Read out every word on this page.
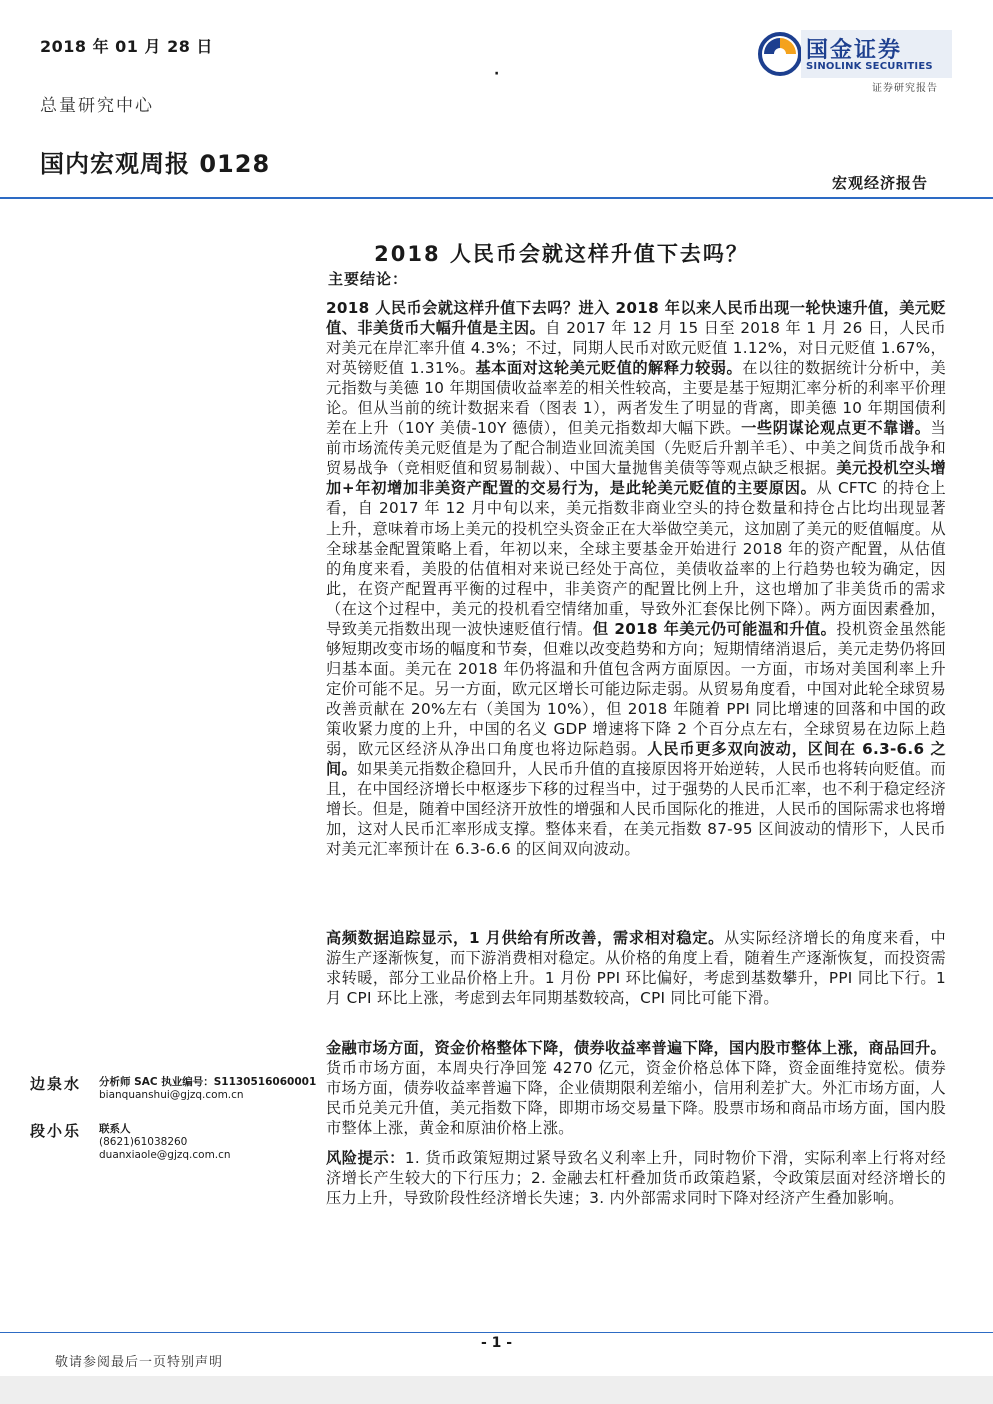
2018 年 01 月 28 日
·
总量研究中心
国内宏观周报 0128
国金证券
SINOLINK SECURITIES
证券研究报告
宏观经济报告
2018 人民币会就这样升值下去吗？
主要结论：
2018 人民币会就这样升值下去吗？进入 2018 年以来人民币出现一轮快速升值，美元贬值、非美货币大幅升值是主因。自 2017 年 12 月 15 日至 2018 年 1 月 26 日，人民币对美元在岸汇率升值 4.3%；不过，同期人民币对欧元贬值 1.12%，对日元贬值 1.67%，对英镑贬值 1.31%。基本面对这轮美元贬值的解释力较弱。在以往的数据统计分析中，美元指数与美德 10 年期国债收益率差的相关性较高，主要是基于短期汇率分析的利率平价理论。但从当前的统计数据来看（图表 1），两者发生了明显的背离，即美德 10 年期国债利差在上升（10Y 美债-10Y 德债），但美元指数却大幅下跌。一些阴谋论观点更不靠谱。当前市场流传美元贬值是为了配合制造业回流美国（先贬后升割羊毛）、中美之间货币战争和贸易战争（竞相贬值和贸易制裁）、中国大量抛售美债等等观点缺乏根据。美元投机空头增加+年初增加非美资产配置的交易行为，是此轮美元贬值的主要原因。从 CFTC 的持仓上看，自 2017 年 12 月中旬以来，美元指数非商业空头的持仓数量和持仓占比均出现显著上升，意味着市场上美元的投机空头资金正在大举做空美元，这加剧了美元的贬值幅度。从全球基金配置策略上看，年初以来，全球主要基金开始进行 2018 年的资产配置，从估值的角度来看，美股的估值相对来说已经处于高位，美债收益率的上行趋势也较为确定，因此，在资产配置再平衡的过程中，非美资产的配置比例上升，这也增加了非美货币的需求（在这个过程中，美元的投机看空情绪加重，导致外汇套保比例下降）。两方面因素叠加，导致美元指数出现一波快速贬值行情。但 2018 年美元仍可能温和升值。投机资金虽然能够短期改变市场的幅度和节奏，但难以改变趋势和方向；短期情绪消退后，美元走势仍将回归基本面。美元在 2018 年仍将温和升值包含两方面原因。一方面，市场对美国利率上升定价可能不足。另一方面，欧元区增长可能边际走弱。从贸易角度看，中国对此轮全球贸易改善贡献在 20%左右（美国为 10%），但 2018 年随着 PPI 同比增速的回落和中国的政策收紧力度的上升，中国的名义 GDP 增速将下降 2 个百分点左右，全球贸易在边际上趋弱，欧元区经济从净出口角度也将边际趋弱。人民币更多双向波动，区间在 6.3-6.6 之间。如果美元指数企稳回升，人民币升值的直接原因将开始逆转，人民币也将转向贬值。而且，在中国经济增长中枢逐步下移的过程当中，过于强势的人民币汇率，也不利于稳定经济增长。但是，随着中国经济开放性的增强和人民币国际化的推进，人民币的国际需求也将增加，这对人民币汇率形成支撑。整体来看，在美元指数 87-95 区间波动的情形下，人民币对美元汇率预计在 6.3-6.6 的区间双向波动。
高频数据追踪显示，1 月供给有所改善，需求相对稳定。从实际经济增长的角度来看，中游生产逐渐恢复，而下游消费相对稳定。从价格的角度上看，随着生产逐渐恢复，而投资需求转暖，部分工业品价格上升。1 月份 PPI 环比偏好，考虑到基数攀升，PPI 同比下行。1 月 CPI 环比上涨，考虑到去年同期基数较高，CPI 同比可能下滑。
金融市场方面，资金价格整体下降，债券收益率普遍下降，国内股市整体上涨，商品回升。货币市场方面，本周央行净回笼 4270 亿元，资金价格总体下降，资金面维持宽松。债券市场方面，债券收益率普遍下降，企业债期限利差缩小，信用利差扩大。外汇市场方面，人民币兑美元升值，美元指数下降，即期市场交易量下降。股票市场和商品市场方面，国内股市整体上涨，黄金和原油价格上涨。
风险提示：1. 货币政策短期过紧导致名义利率上升，同时物价下滑，实际利率上行将对经济增长产生较大的下行压力；2. 金融去杠杆叠加货币政策趋紧，令政策层面对经济增长的压力上升，导致阶段性经济增长失速；3. 内外部需求同时下降对经济产生叠加影响。
边泉水 分析师 SAC 执业编号：S1130516060001
bianquanshui@gjzq.com.cn
段小乐 联系人
(8621)61038260
duanxiaole@gjzq.com.cn
- 1 -
敬请参阅最后一页特别声明
